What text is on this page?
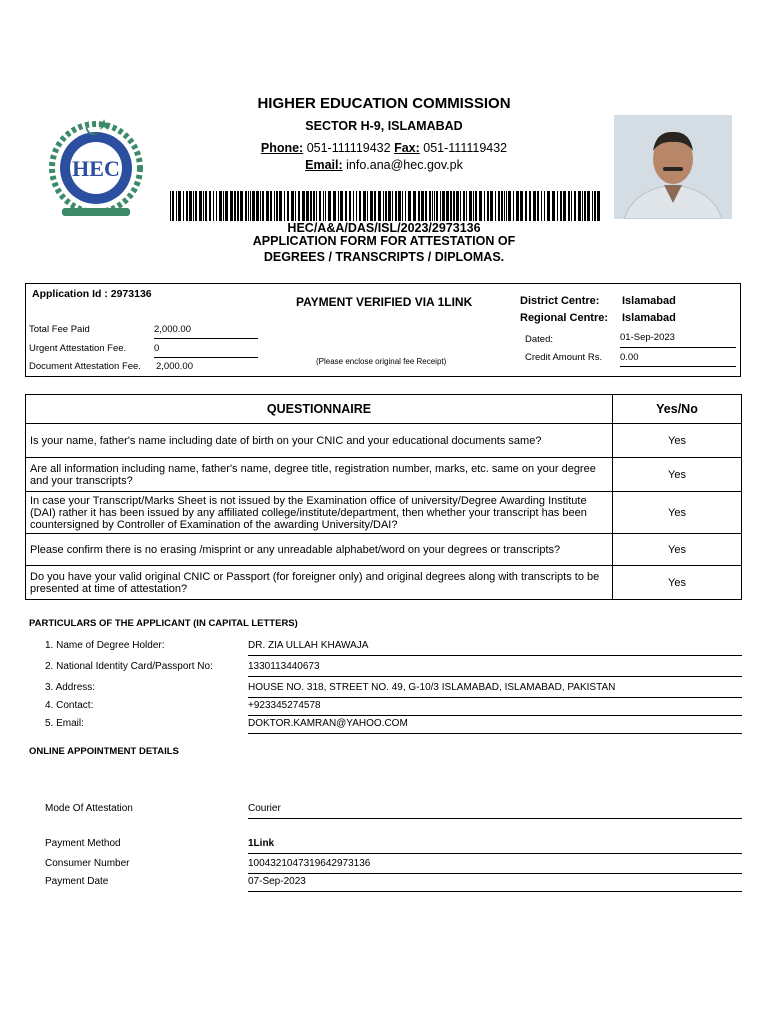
HEC
HIGHER EDUCATION COMMISSION
SECTOR H-9, ISLAMABAD
Phone: 051-111119432 Fax: 051-111119432
Email: info.ana@hec.gov.pk
HEC/A&A/DAS/ISL/2023/2973136
APPLICATION FORM FOR ATTESTATION OF
DEGREES / TRANSCRIPTS / DIPLOMAS.
Application Id : 2973136
PAYMENT VERIFIED VIA 1LINK
Total Fee Paid	2,000.00
Urgent Attestation Fee.	0
Document Attestation Fee. 2,000.00	(Please enclose original fee Receipt)
District Centre: Islamabad
Regional Centre: Islamabad
Dated:	01-Sep-2023
Credit Amount Rs. 0.00
QUESTIONNAIRE	Yes/No
Is your name, father's name including date of birth on your CNIC and your educational documents same?	Yes
Are all information including name, father's name, degree title, registration number, marks, etc. same on your degree and your transcripts?	Yes
In case your Transcript/Marks Sheet is not issued by the Examination office of university/Degree Awarding Institute (DAI) rather it has been issued by any affiliated college/institute/department, then whether your transcript has been countersigned by Controller of Examination of the awarding University/DAI?	Yes
Please confirm there is no erasing /misprint or any unreadable alphabet/word on your degrees or transcripts?	Yes
Do you have your valid original CNIC or Passport (for foreigner only) and original degrees along with transcripts to be presented at time of attestation?	Yes
PARTICULARS OF THE APPLICANT (IN CAPITAL LETTERS)
1. Name of Degree Holder:	DR. ZIA ULLAH KHAWAJA
2. National Identity Card/Passport No:	1330113440673
3. Address:	HOUSE NO. 318, STREET NO. 49, G-10/3 ISLAMABAD, ISLAMABAD, PAKISTAN
4. Contact:	+923345274578
5. Email:	DOKTOR.KAMRAN@YAHOO.COM
ONLINE APPOINTMENT DETAILS
Mode Of Attestation	Courier
Payment Method	1Link
Consumer Number	1004321047319642973136
Payment Date	07-Sep-2023
